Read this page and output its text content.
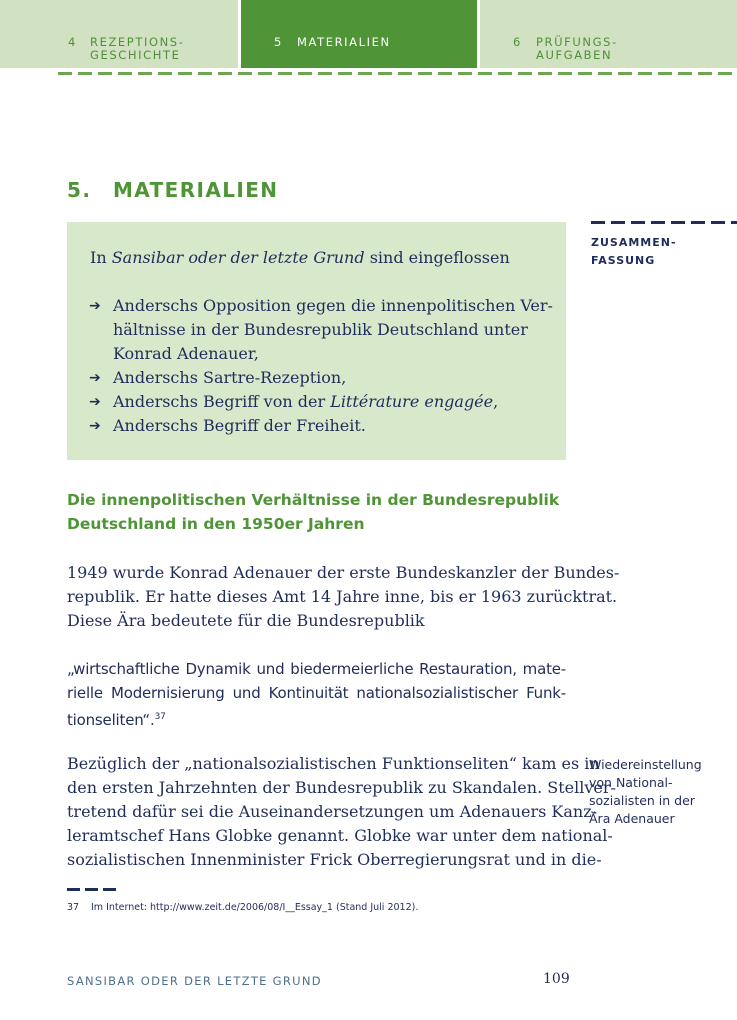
4 REZEPTIONS-
GESCHICHTE
5 MATERIALIEN	6 PRÜFUNGS-
AUFGABEN
5. MATERIALIEN
ZUSAMMEN-
FASSUNG
Wiedereinstellung
von National-
sozialisten in der
Ära Adenauer

In Sansibar oder der letzte Grund sind eingeflossen

➔ Anderschs Opposition gegen die innenpolitischen Ver-
hältnisse in der Bundesrepublik Deutschland unter
Konrad Adenauer,
➔ Anderschs Sartre-Rezeption,
➔ Anderschs Begriff von der Littérature engagée,
➔ Anderschs Begriff der Freiheit.
Die innenpolitischen Verhältnisse in der Bundesrepublik
Deutschland in den 1950er Jahren

1949 wurde Konrad Adenauer der erste Bundeskanzler der Bundes-
republik. Er hatte dieses Amt 14 Jahre inne, bis er 1963 zurücktrat.
Diese Ära bedeutete für die Bundesrepublik

„wirtschaftliche Dynamik und biedermeierliche Restauration, mate-
rielle Modernisierung und Kontinuität nationalsozialistischer Funk-
tionseliten“.$^{37}$

Bezüglich der „nationalsozialistischen Funktionseliten“ kam es in
den ersten Jahrzehnten der Bundesrepublik zu Skandalen. Stellver-
tretend dafür sei die Auseinandersetzungen um Adenauers Kanz-
leramtschef Hans Globke genannt. Globke war unter dem national-
sozialistischen Innenminister Frick Oberregierungsrat und in die-

37 Im Internet: http://www.zeit.de/2006/08/I__Essay_1 (Stand Juli 2012).

SANSIBAR ODER DER LETZTE GRUND	109
